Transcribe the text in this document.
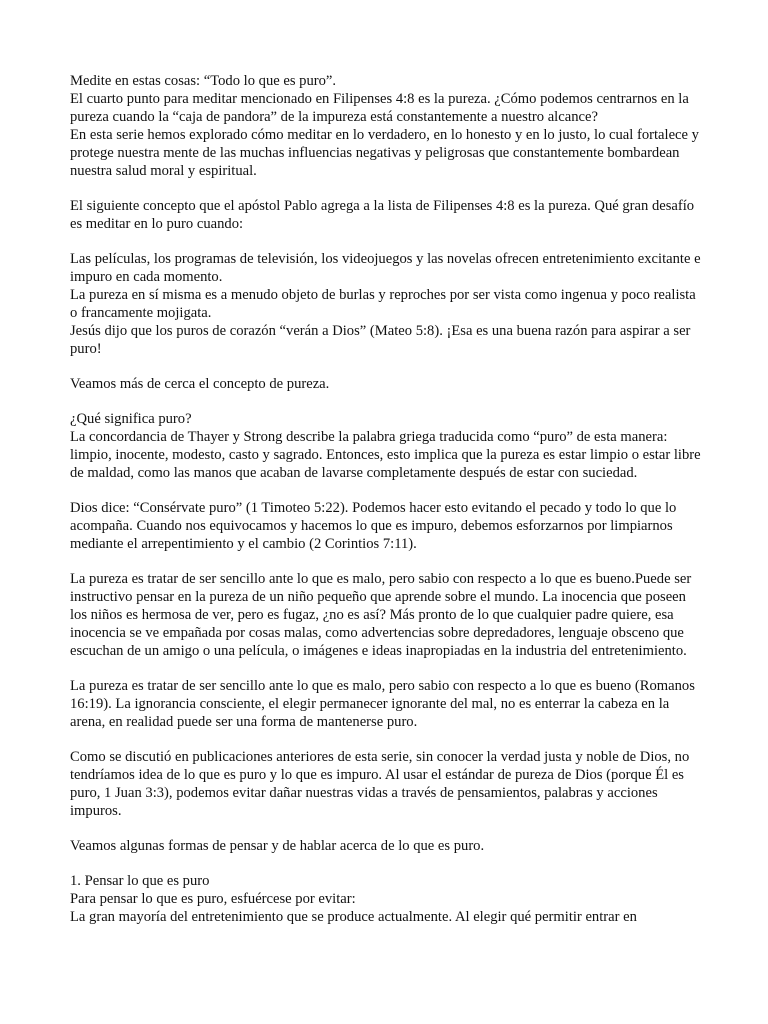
Medite en estas cosas: “Todo lo que es puro”.

El cuarto punto para meditar mencionado en Filipenses 4:8 es la pureza. ¿Cómo podemos centrarnos en la pureza cuando la “caja de pandora” de la impureza está constantemente a nuestro alcance?

En esta serie hemos explorado cómo meditar en lo verdadero, en lo honesto y en lo justo, lo cual fortalece y protege nuestra mente de las muchas influencias negativas y peligrosas que constantemente bombardean nuestra salud moral y espiritual.

El siguiente concepto que el apóstol Pablo agrega a la lista de Filipenses 4:8 es la pureza. Qué gran desafío es meditar en lo puro cuando:

Las películas, los programas de televisión, los videojuegos y las novelas ofrecen entretenimiento excitante e impuro en cada momento.

La pureza en sí misma es a menudo objeto de burlas y reproches por ser vista como ingenua y poco realista o francamente mojigata.

Jesús dijo que los puros de corazón “verán a Dios” (Mateo 5:8). ¡Esa es una buena razón para aspirar a ser puro!

Veamos más de cerca el concepto de pureza.

¿Qué significa puro?

La concordancia de Thayer y Strong describe la palabra griega traducida como “puro” de esta manera: limpio, inocente, modesto, casto y sagrado. Entonces, esto implica que la pureza es estar limpio o estar libre de maldad, como las manos que acaban de lavarse completamente después de estar con suciedad.

Dios dice: “Consérvate puro” (1 Timoteo 5:22). Podemos hacer esto evitando el pecado y todo lo que lo acompaña. Cuando nos equivocamos y hacemos lo que es impuro, debemos esforzarnos por limpiarnos mediante el arrepentimiento y el cambio (2 Corintios 7:11).

La pureza es tratar de ser sencillo ante lo que es malo, pero sabio con respecto a lo que es bueno.Puede ser instructivo pensar en la pureza de un niño pequeño que aprende sobre el mundo. La inocencia que poseen los niños es hermosa de ver, pero es fugaz, ¿no es así? Más pronto de lo que cualquier padre quiere, esa inocencia se ve empañada por cosas malas, como advertencias sobre depredadores, lenguaje obsceno que escuchan de un amigo o una película, o imágenes e ideas inapropiadas en la industria del entretenimiento.

La pureza es tratar de ser sencillo ante lo que es malo, pero sabio con respecto a lo que es bueno (Romanos 16:19). La ignorancia consciente, el elegir permanecer ignorante del mal, no es enterrar la cabeza en la arena, en realidad puede ser una forma de mantenerse puro.

Como se discutió en publicaciones anteriores de esta serie, sin conocer la verdad justa y noble de Dios, no tendríamos idea de lo que es puro y lo que es impuro. Al usar el estándar de pureza de Dios (porque Él es puro, 1 Juan 3:3), podemos evitar dañar nuestras vidas a través de pensamientos, palabras y acciones impuros.

Veamos algunas formas de pensar y de hablar acerca de lo que es puro.

1. Pensar lo que es puro

Para pensar lo que es puro, esfuércese por evitar:

La gran mayoría del entretenimiento que se produce actualmente. Al elegir qué permitir entrar en
